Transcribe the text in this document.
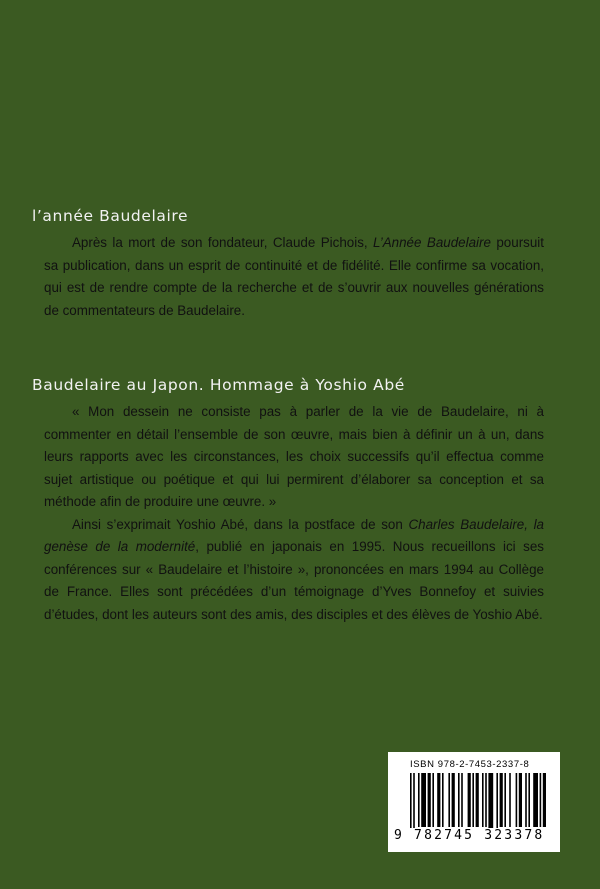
l’année Baudelaire

Après la mort de son fondateur, Claude Pichois, L’Année Baudelaire poursuit sa publication, dans un esprit de continuité et de fidélité. Elle confirme sa vocation, qui est de rendre compte de la recherche et de s’ouvrir aux nouvelles générations de commentateurs de Baudelaire.

Baudelaire au Japon. Hommage à Yoshio Abé

« Mon dessein ne consiste pas à parler de la vie de Baudelaire, ni à commenter en détail l’ensemble de son œuvre, mais bien à définir un à un, dans leurs rapports avec les circonstances, les choix successifs qu’il effectua comme sujet artistique ou poétique et qui lui permirent d’élaborer sa conception et sa méthode afin de produire une œuvre. »

Ainsi s’exprimait Yoshio Abé, dans la postface de son Charles Baudelaire, la genèse de la modernité, publié en japonais en 1995. Nous recueillons ici ses conférences sur « Baudelaire et l’histoire », prononcées en mars 1994 au Collège de France. Elles sont précédées d’un témoignage d’Yves Bonnefoy et suivies d’études, dont les auteurs sont des amis, des disciples et des élèves de Yoshio Abé.

ISBN 978-2-7453-2337-8
9 782745 323378
